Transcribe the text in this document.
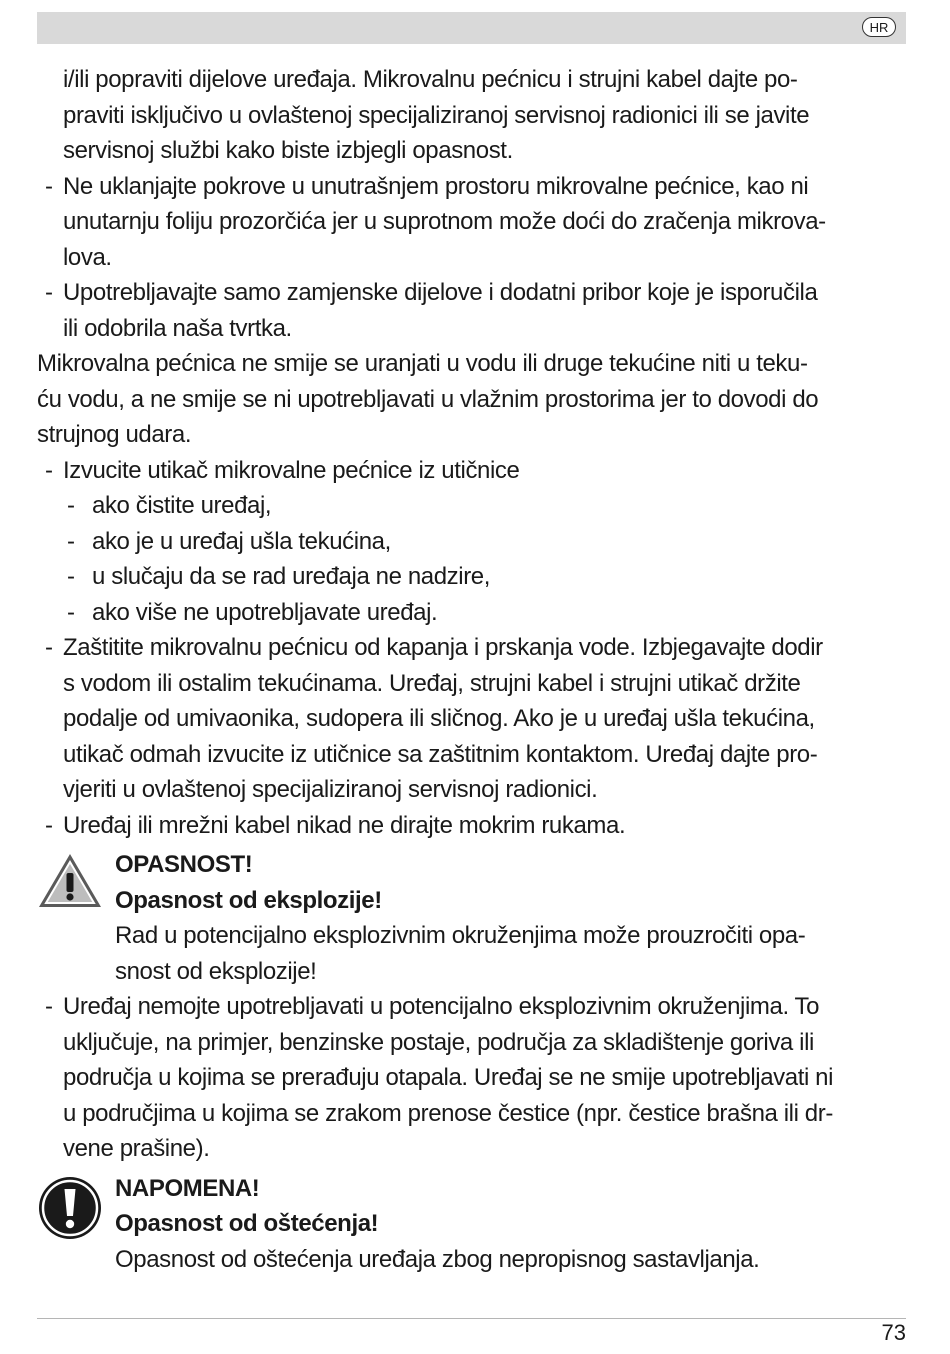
HR

i/ili popraviti dijelove uređaja. Mikrovalnu pećnicu i strujni kabel dajte po-

praviti isključivo u ovlaštenoj specijaliziranoj servisnoj radionici ili se javite

servisnoj službi kako biste izbjegli opasnost.

- Ne uklanjajte pokrove u unutrašnjem prostoru mikrovalne pećnice, kao ni

unutarnju foliju prozorčića jer u suprotnom može doći do zračenja mikrova-

lova.

- Upotrebljavajte samo zamjenske dijelove i dodatni pribor koje je isporučila

ili odobrila naša tvrtka.

Mikrovalna pećnica ne smije se uranjati u vodu ili druge tekućine niti u teku-

ću vodu, a ne smije se ni upotrebljavati u vlažnim prostorima jer to dovodi do

strujnog udara.

- Izvucite utikač mikrovalne pećnice iz utičnice

- ako čistite uređaj,

- ako je u uređaj ušla tekućina,

- u slučaju da se rad uređaja ne nadzire,

- ako više ne upotrebljavate uređaj.

- Zaštitite mikrovalnu pećnicu od kapanja i prskanja vode. Izbjegavajte dodir

s vodom ili ostalim tekućinama. Uređaj, strujni kabel i strujni utikač držite

podalje od umivaonika, sudopera ili sličnog. Ako je u uređaj ušla tekućina,

utikač odmah izvucite iz utičnice sa zaštitnim kontaktom. Uređaj dajte pro-

vjeriti u ovlaštenoj specijaliziranoj servisnoj radionici.

- Uređaj ili mrežni kabel nikad ne dirajte mokrim rukama.

OPASNOST!

Opasnost od eksplozije!

Rad u potencijalno eksplozivnim okruženjima može prouzročiti opa-

snost od eksplozije!

- Uređaj nemojte upotrebljavati u potencijalno eksplozivnim okruženjima. To

uključuje, na primjer, benzinske postaje, područja za skladištenje goriva ili

područja u kojima se prerađuju otapala. Uređaj se ne smije upotrebljavati ni

u područjima u kojima se zrakom prenose čestice (npr. čestice brašna ili dr-

vene prašine).

NAPOMENA!

Opasnost od oštećenja!

Opasnost od oštećenja uređaja zbog nepropisnog sastavljanja.

73
